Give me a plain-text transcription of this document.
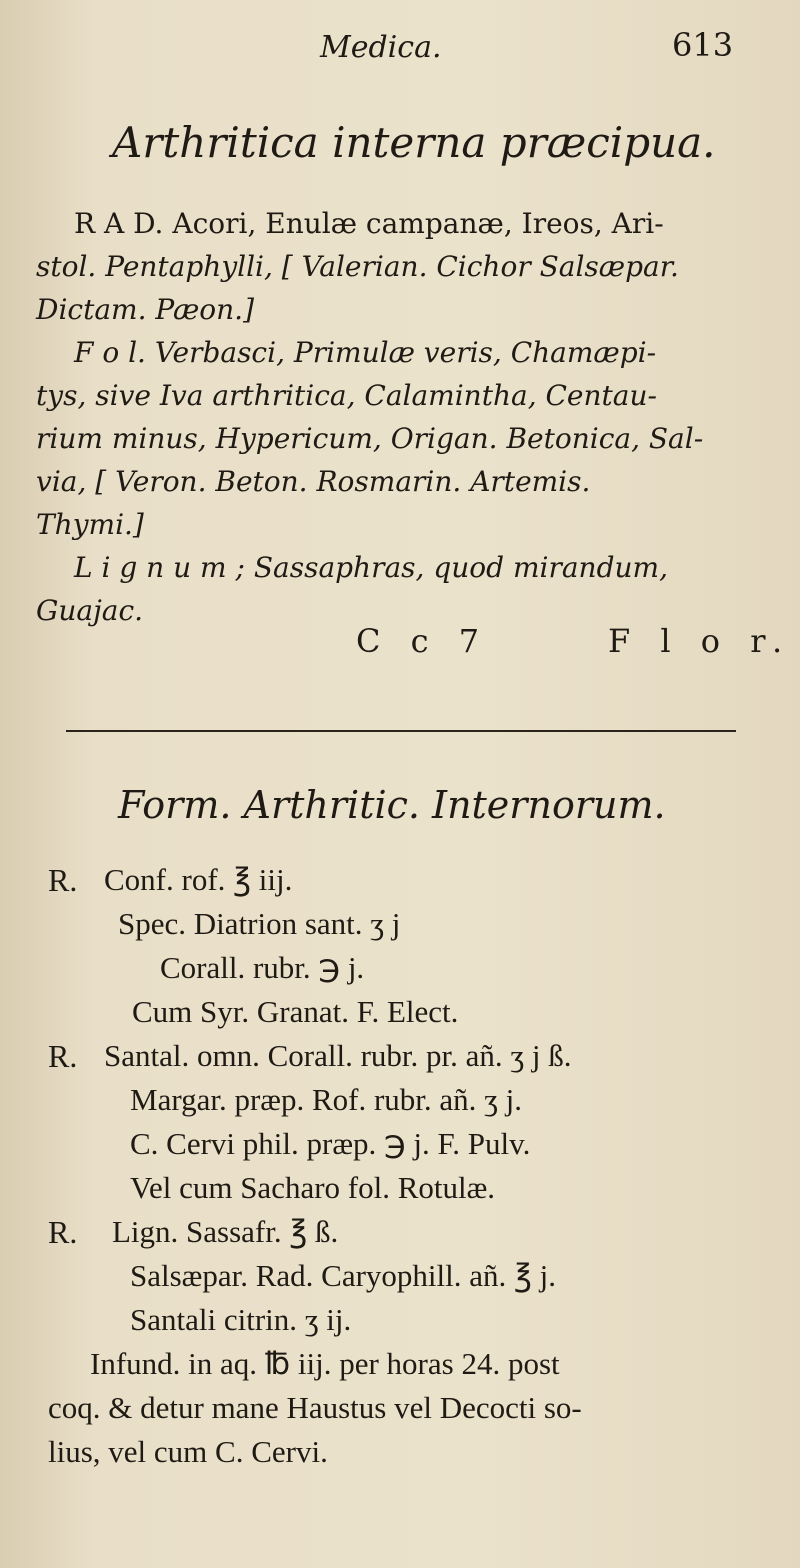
Medica.	613
Arthritica interna præcipua.
R A D. Acori, Enulæ campanæ, Ireos, Ari-
stol. Pentaphylli, [ Valerian. Cichor Salsæpar.
Dictam. Pæon.]
F o l. Verbasci, Primulæ veris, Chamæpi-
tys, sive Iva arthritica, Calamintha, Centau-
rium minus, Hypericum, Origan. Betonica, Sal-
via, [ Veron. Beton. Rosmarin. Artemis.
Thymi.]
L i g n u m ; Sassaphras, quod mirandum,
Guajac.
C c 7	F l o r.
Form. Arthritic. Internorum.
R. Conf. rof. ℥ iij.
Spec. Diatrion sant. ʒ j
Corall. rubr. ℈ j.
Cum Syr. Granat. F. Elect.
R. Santal. omn. Corall. rubr. pr. añ. ʒ j ß.
Margar. præp. Rof. rubr. añ. ʒ j.
C. Cervi phil. præp. ℈ j. F. Pulv.
Vel cum Sacharo fol. Rotulæ.
R. Lign. Sassafr. ℥ ß.
Salsæpar. Rad. Caryophill. añ. ℥ j.
Santali citrin. ʒ ij.
Infund. in aq. ℔ iij. per horas 24. post
coq. & detur mane Haustus vel Decocti so-
lius, vel cum C. Cervi.
